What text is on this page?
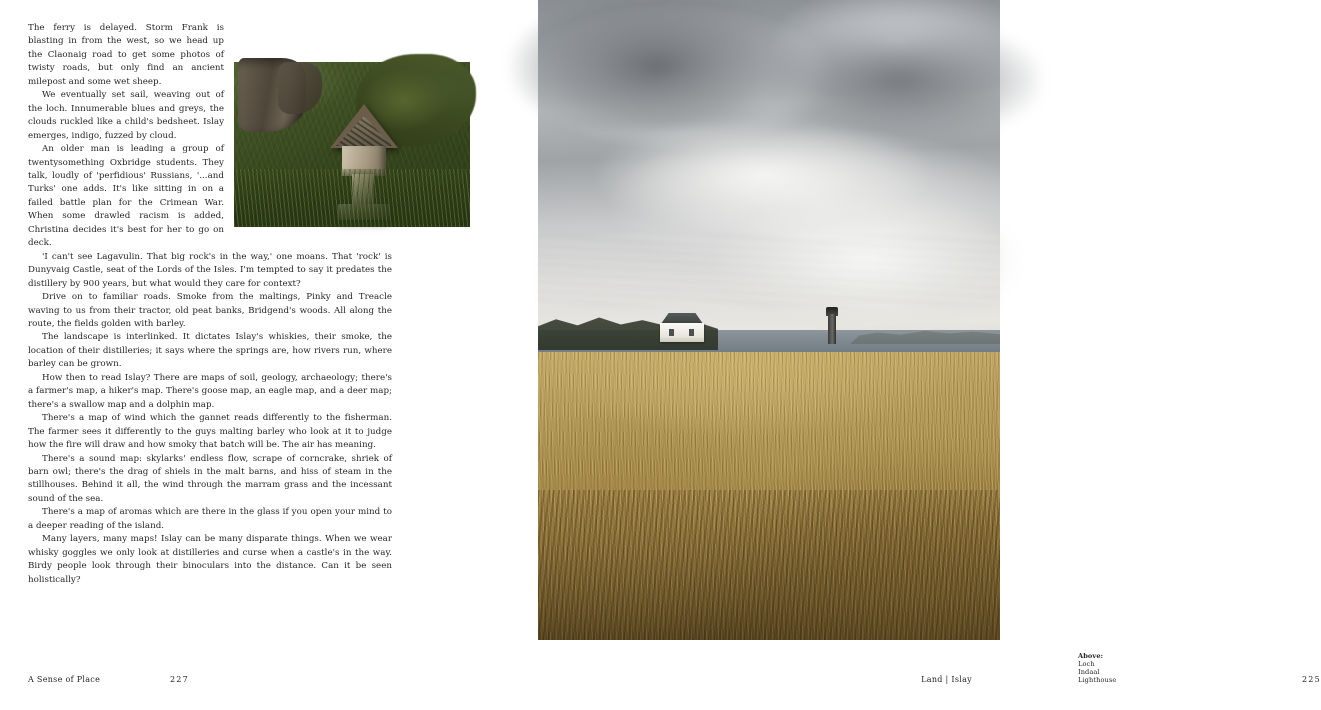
The ferry is delayed. Storm Frank is blasting in from the west, so we head up the Claonaig road to get some photos of twisty roads, but only find an ancient milepost and some wet sheep.

We eventually set sail, weaving out of the loch. Innumerable blues and greys, the clouds ruckled like a child's bedsheet. Islay emerges, indigo, fuzzed by cloud.

An older man is leading a group of twentysomething Oxbridge students. They talk, loudly of 'perfidious' Russians, '...and Turks' one adds. It's like sitting in on a failed battle plan for the Crimean War. When some drawled racism is added, Christina decides it's best for her to go on deck.

'I can't see Lagavulin. That big rock's in the way,' one moans. That 'rock' is Dunyvaig Castle, seat of the Lords of the Isles. I'm tempted to say it predates the distillery by 900 years, but what would they care for context?

Drive on to familiar roads. Smoke from the maltings, Pinky and Treacle waving to us from their tractor, old peat banks, Bridgend's woods. All along the route, the fields golden with barley.

The landscape is interlinked. It dictates Islay's whiskies, their smoke, the location of their distilleries; it says where the springs are, how rivers run, where barley can be grown.

How then to read Islay? There are maps of soil, geology, archaeology; there's a farmer's map, a hiker's map. There's goose map, an eagle map, and a deer map; there's a swallow map and a dolphin map.

There's a map of wind which the gannet reads differently to the fisherman. The farmer sees it differently to the guys malting barley who look at it to judge how the fire will draw and how smoky that batch will be. The air has meaning.

There's a sound map: skylarks' endless flow, scrape of corncrake, shriek of barn owl; there's the drag of shiels in the malt barns, and hiss of steam in the stillhouses. Behind it all, the wind through the marram grass and the incessant sound of the sea.

There's a map of aromas which are there in the glass if you open your mind to a deeper reading of the island.

Many layers, many maps! Islay can be many disparate things. When we wear whisky goggles we only look at distilleries and curse when a castle's in the way. Birdy people look through their binoculars into the distance. Can it be seen holistically?

A Sense of Place	227
Above: Loch Indaal Lighthouse	225
Land | Islay
